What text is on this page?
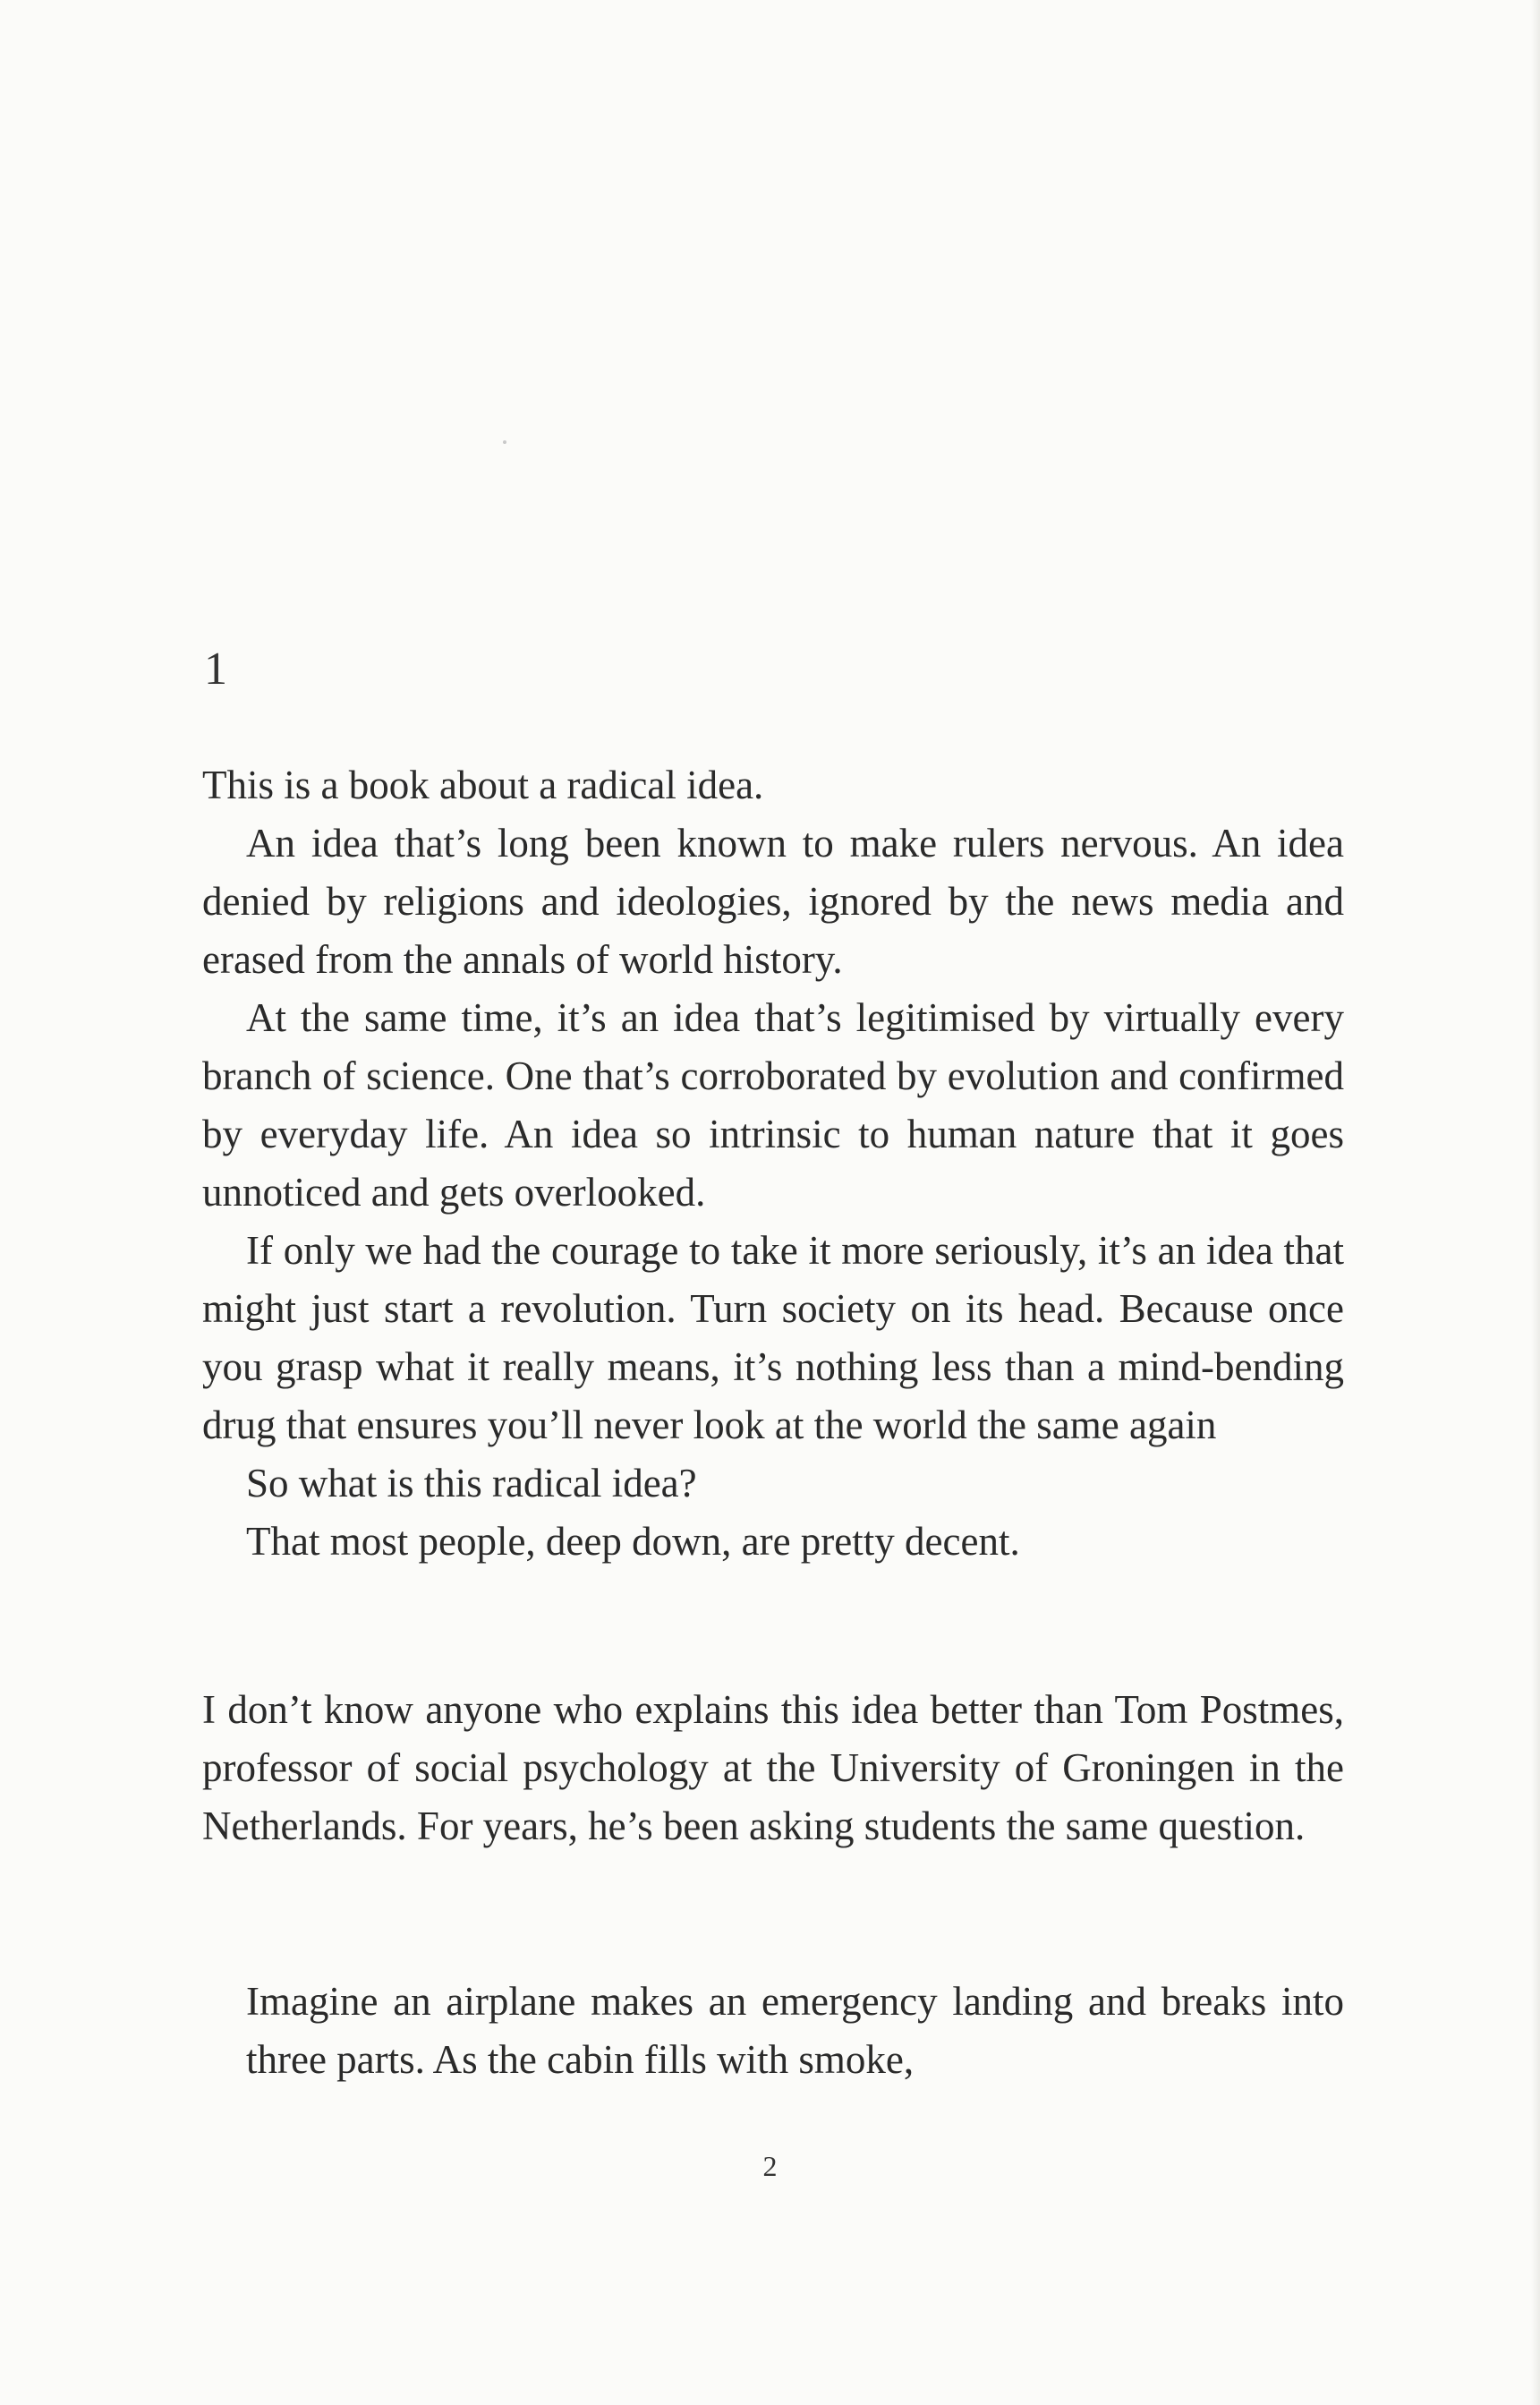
1

This is a book about a radical idea.

An idea that’s long been known to make rulers nervous. An idea denied by religions and ideologies, ignored by the news media and erased from the annals of world history.

At the same time, it’s an idea that’s legitimised by virtually every branch of science. One that’s corroborated by evolution and confirmed by everyday life. An idea so intrinsic to human nature that it goes unnoticed and gets overlooked.

If only we had the courage to take it more seriously, it’s an idea that might just start a revolution. Turn society on its head. Because once you grasp what it really means, it’s nothing less than a mind-bending drug that ensures you’ll never look at the world the same again

So what is this radical idea?

That most people, deep down, are pretty decent.

I don’t know anyone who explains this idea better than Tom Postmes, professor of social psychology at the University of Groningen in the Netherlands. For years, he’s been asking students the same question.

Imagine an airplane makes an emergency landing and breaks into three parts. As the cabin fills with smoke,

2
